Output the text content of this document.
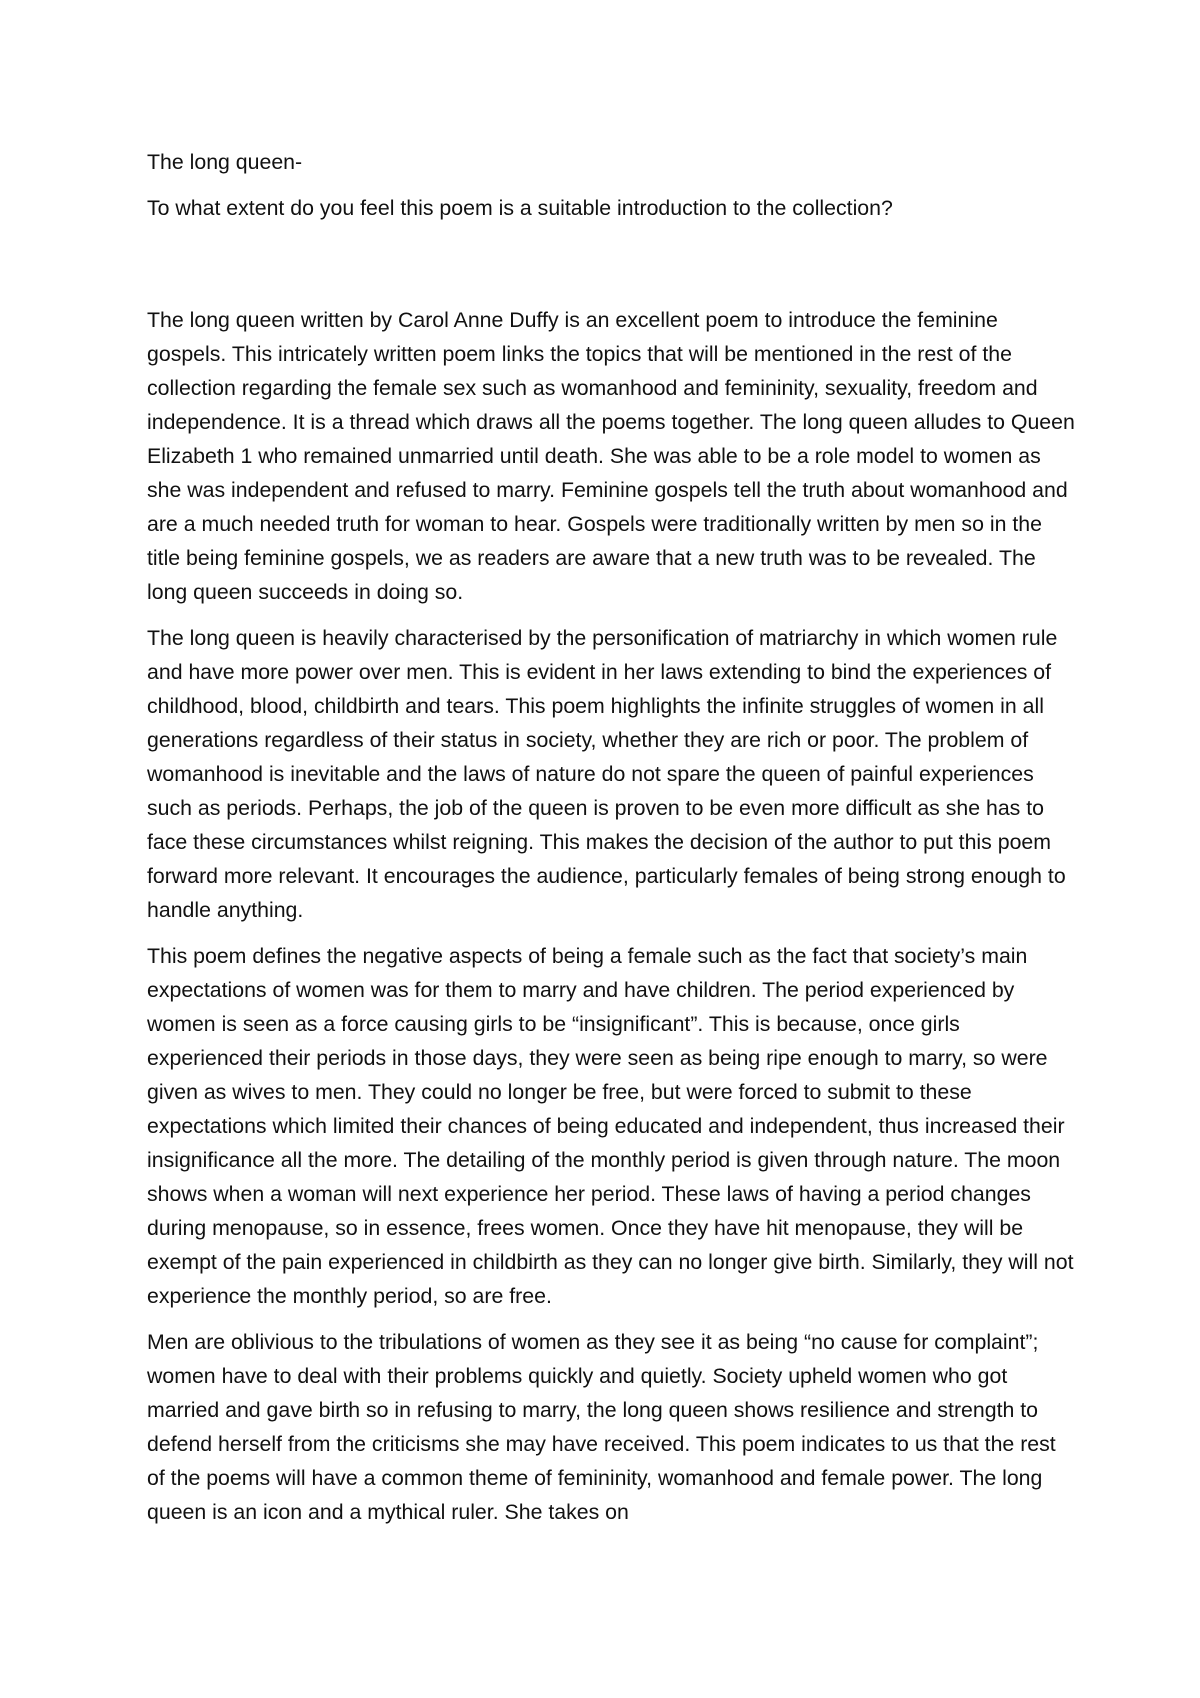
The long queen-

To what extent do you feel this poem is a suitable introduction to the collection?

The long queen written by Carol Anne Duffy is an excellent poem to introduce the feminine gospels. This intricately written poem links the topics that will be mentioned in the rest of the collection regarding the female sex such as womanhood and femininity, sexuality, freedom and independence. It is a thread which draws all the poems together. The long queen alludes to Queen Elizabeth 1 who remained unmarried until death. She was able to be a role model to women as she was independent and refused to marry. Feminine gospels tell the truth about womanhood and are a much needed truth for woman to hear. Gospels were traditionally written by men so in the title being feminine gospels, we as readers are aware that a new truth was to be revealed. The long queen succeeds in doing so.

The long queen is heavily characterised by the personification of matriarchy in which women rule and have more power over men. This is evident in her laws extending to bind the experiences of childhood, blood, childbirth and tears. This poem highlights the infinite struggles of women in all generations regardless of their status in society, whether they are rich or poor. The problem of womanhood is inevitable and the laws of nature do not spare the queen of painful experiences such as periods. Perhaps, the job of the queen is proven to be even more difficult as she has to face these circumstances whilst reigning. This makes the decision of the author to put this poem forward more relevant. It encourages the audience, particularly females of being strong enough to handle anything.

This poem defines the negative aspects of being a female such as the fact that society’s main expectations of women was for them to marry and have children. The period experienced by women is seen as a force causing girls to be “insignificant”. This is because, once girls experienced their periods in those days, they were seen as being ripe enough to marry, so were given as wives to men. They could no longer be free, but were forced to submit to these expectations which limited their chances of being educated and independent, thus increased their insignificance all the more. The detailing of the monthly period is given through nature. The moon shows when a woman will next experience her period. These laws of having a period changes during menopause, so in essence, frees women. Once they have hit menopause, they will be exempt of the pain experienced in childbirth as they can no longer give birth. Similarly, they will not experience the monthly period, so are free.

Men are oblivious to the tribulations of women as they see it as being “no cause for complaint”; women have to deal with their problems quickly and quietly. Society upheld women who got married and gave birth so in refusing to marry, the long queen shows resilience and strength to defend herself from the criticisms she may have received. This poem indicates to us that the rest of the poems will have a common theme of femininity, womanhood and female power. The long queen is an icon and a mythical ruler. She takes on
